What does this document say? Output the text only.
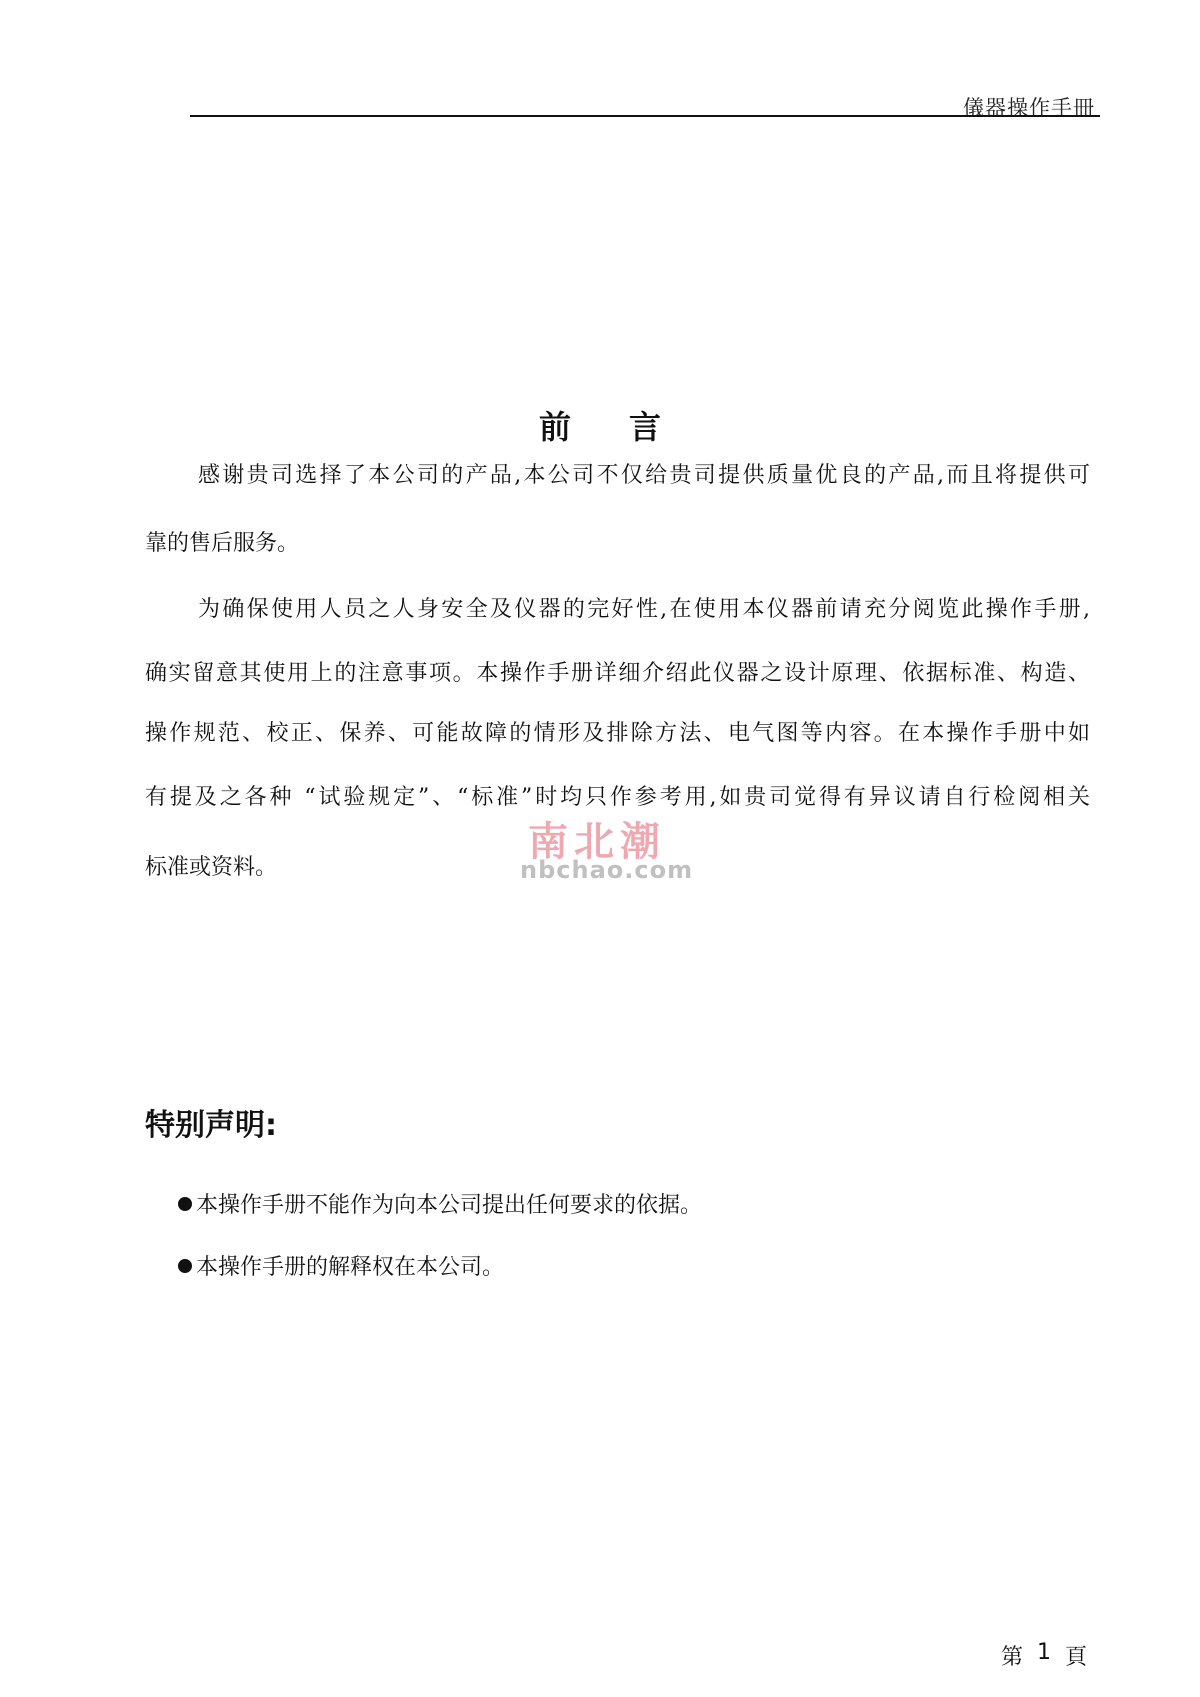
儀器操作手冊
前言
感谢贵司选择了本公司的产品,本公司不仅给贵司提供质量优良的产品,而且将提供可
靠的售后服务。
为确保使用人员之人身安全及仪器的完好性,在使用本仪器前请充分阅览此操作手册,
确实留意其使用上的注意事项。本操作手册详细介绍此仪器之设计原理、依据标准、构造、
操作规范、校正、保养、可能故障的情形及排除方法、电气图等内容。在本操作手册中如
有提及之各种 “试验规定”、“标准”时均只作参考用,如贵司觉得有异议请自行检阅相关
标准或资料。
南北潮
nbchao.com
特别声明:
本操作手册不能作为向本公司提出任何要求的依据。
本操作手册的解释权在本公司。
第 1 頁
